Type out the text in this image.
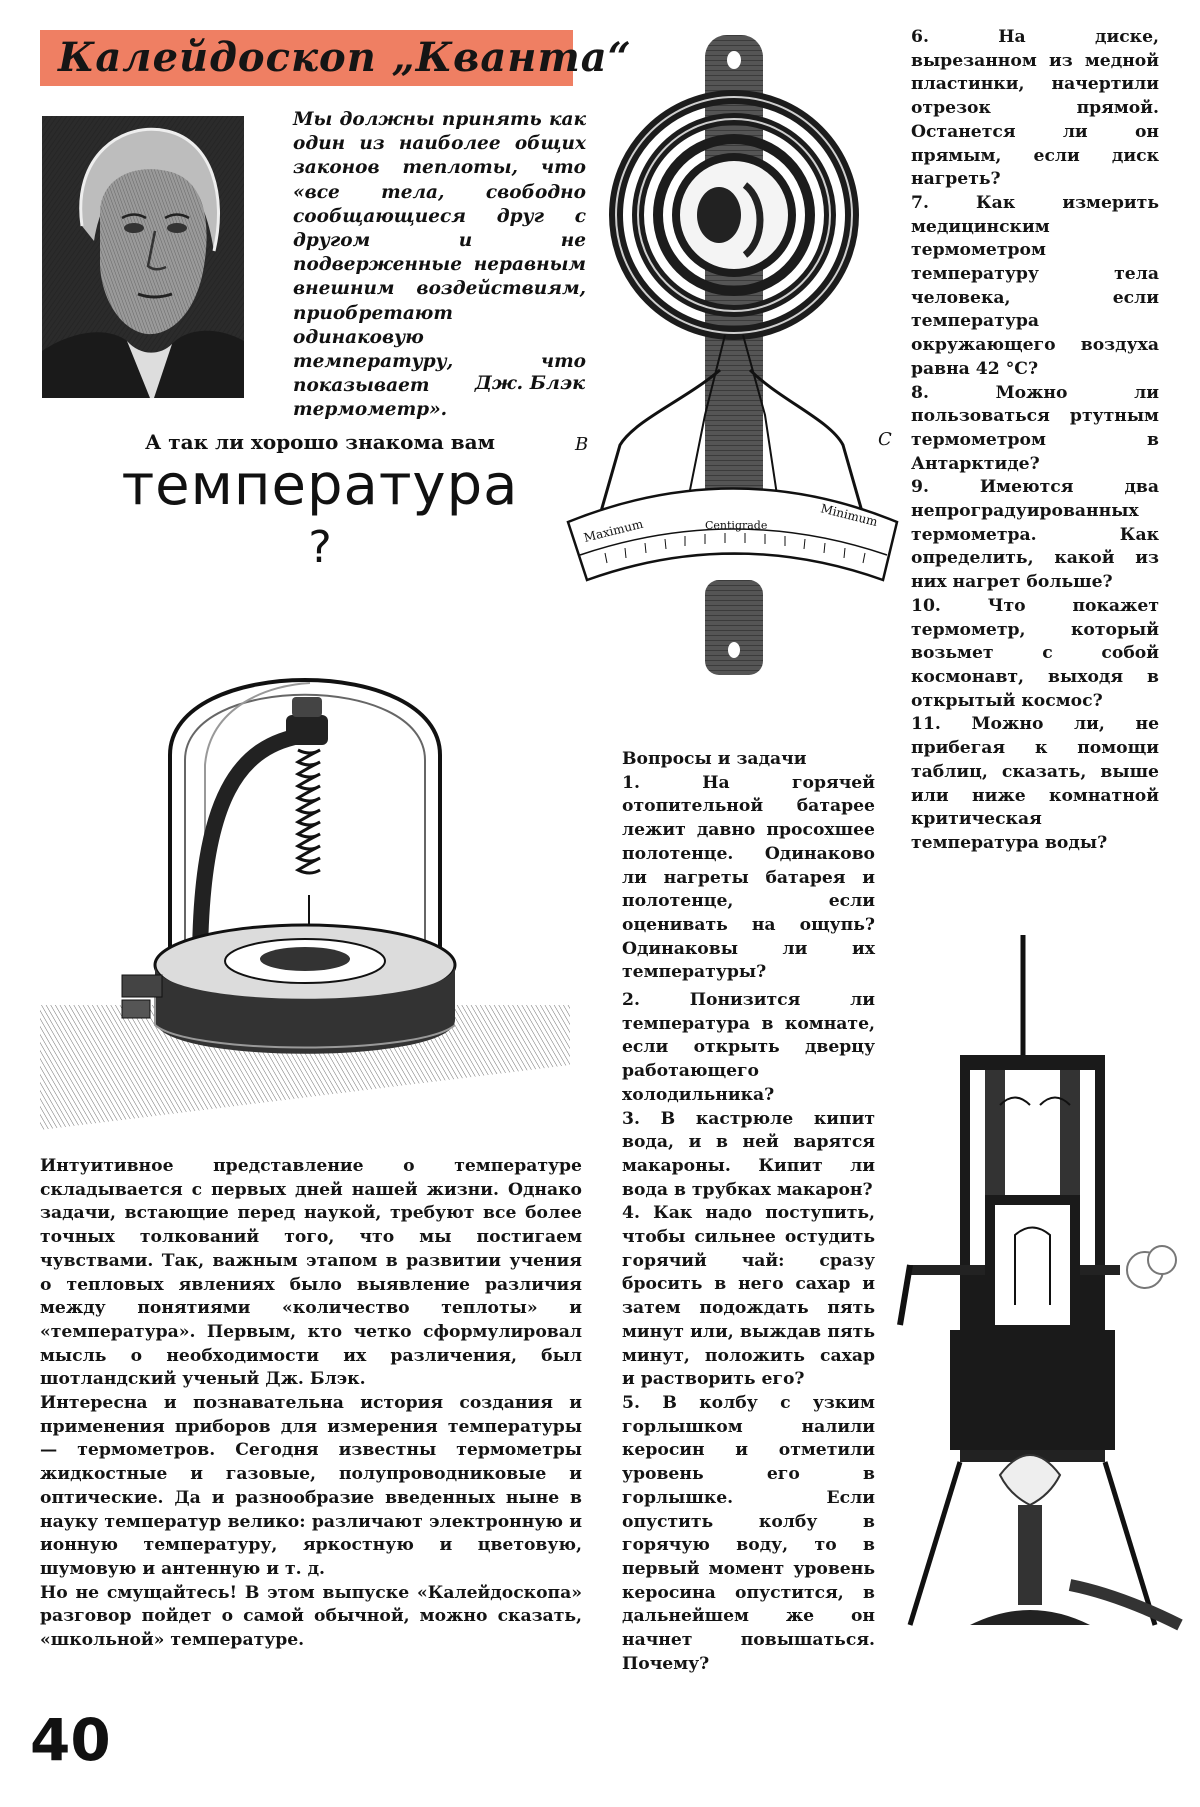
Калейдоскоп „Кванта“

Мы должны принять как один из наиболее общих законов теплоты, что «все тела, свободно сообщающиеся друг с другом и не подверженные неравным внешним воздействиям, приобретают одинаковую температуру, что показывает термометр».

Дж. Блэк
А так ли хорошо знакома вам
температура
?
B	C
Maximum	Centigrade	Minimum

Интуитивное представление о температуре складывается с первых дней нашей жизни. Однако задачи, встающие перед наукой, требуют все более точных толкований того, что мы постигаем чувствами. Так, важным этапом в развитии учения о тепловых явлениях было выявление различия между понятиями «количество теплоты» и «температура». Первым, кто четко сформулировал мысль о необходимости их различения, был шотландский ученый Дж. Блэк.

Интересна и познавательна история создания и применения приборов для измерения температуры — термометров. Сегодня известны термометры жидкостные и газовые, полупроводниковые и оптические. Да и разнообразие введенных ныне в науку температур велико: различают электронную и ионную температуру, яркостную и цветовую, шумовую и антенную и т. д.

Но не смущайтесь! В этом выпуске «Калейдоскопа» разговор пойдет о самой обычной, можно сказать, «школьной» температуре.

Вопросы и задачи

1. На горячей отопительной батарее лежит давно просохшее полотенце. Одинаково ли нагреты батарея и полотенце, если оценивать на ощупь? Одинаковы ли их температуры?

2. Понизится ли температура в комнате, если открыть дверцу работающего холодильника?

3. В кастрюле кипит вода, и в ней варятся макароны. Кипит ли вода в трубках макарон?

4. Как надо поступить, чтобы сильнее остудить горячий чай: сразу бросить в него сахар и затем подождать пять минут или, выждав пять минут, положить сахар и растворить его?

5. В колбу с узким горлышком налили керосин и отметили уровень его в горлышке. Если опустить колбу в горячую воду, то в первый момент уровень керосина опустится, в дальнейшем же он начнет повышаться. Почему?

6. На диске, вырезанном из медной пластинки, начертили отрезок прямой. Останется ли он прямым, если диск нагреть?

7. Как измерить медицинским термометром температуру тела человека, если температура окружающего воздуха равна 42 °С?

8. Можно ли пользоваться ртутным термометром в Антарктиде?

9. Имеются два непроградуированных термометра. Как определить, какой из них нагрет больше?

10. Что покажет термометр, который возьмет с собой космонавт, выходя в открытый космос?

11. Можно ли, не прибегая к помощи таблиц, сказать, выше или ниже комнатной критическая температура воды?

40
